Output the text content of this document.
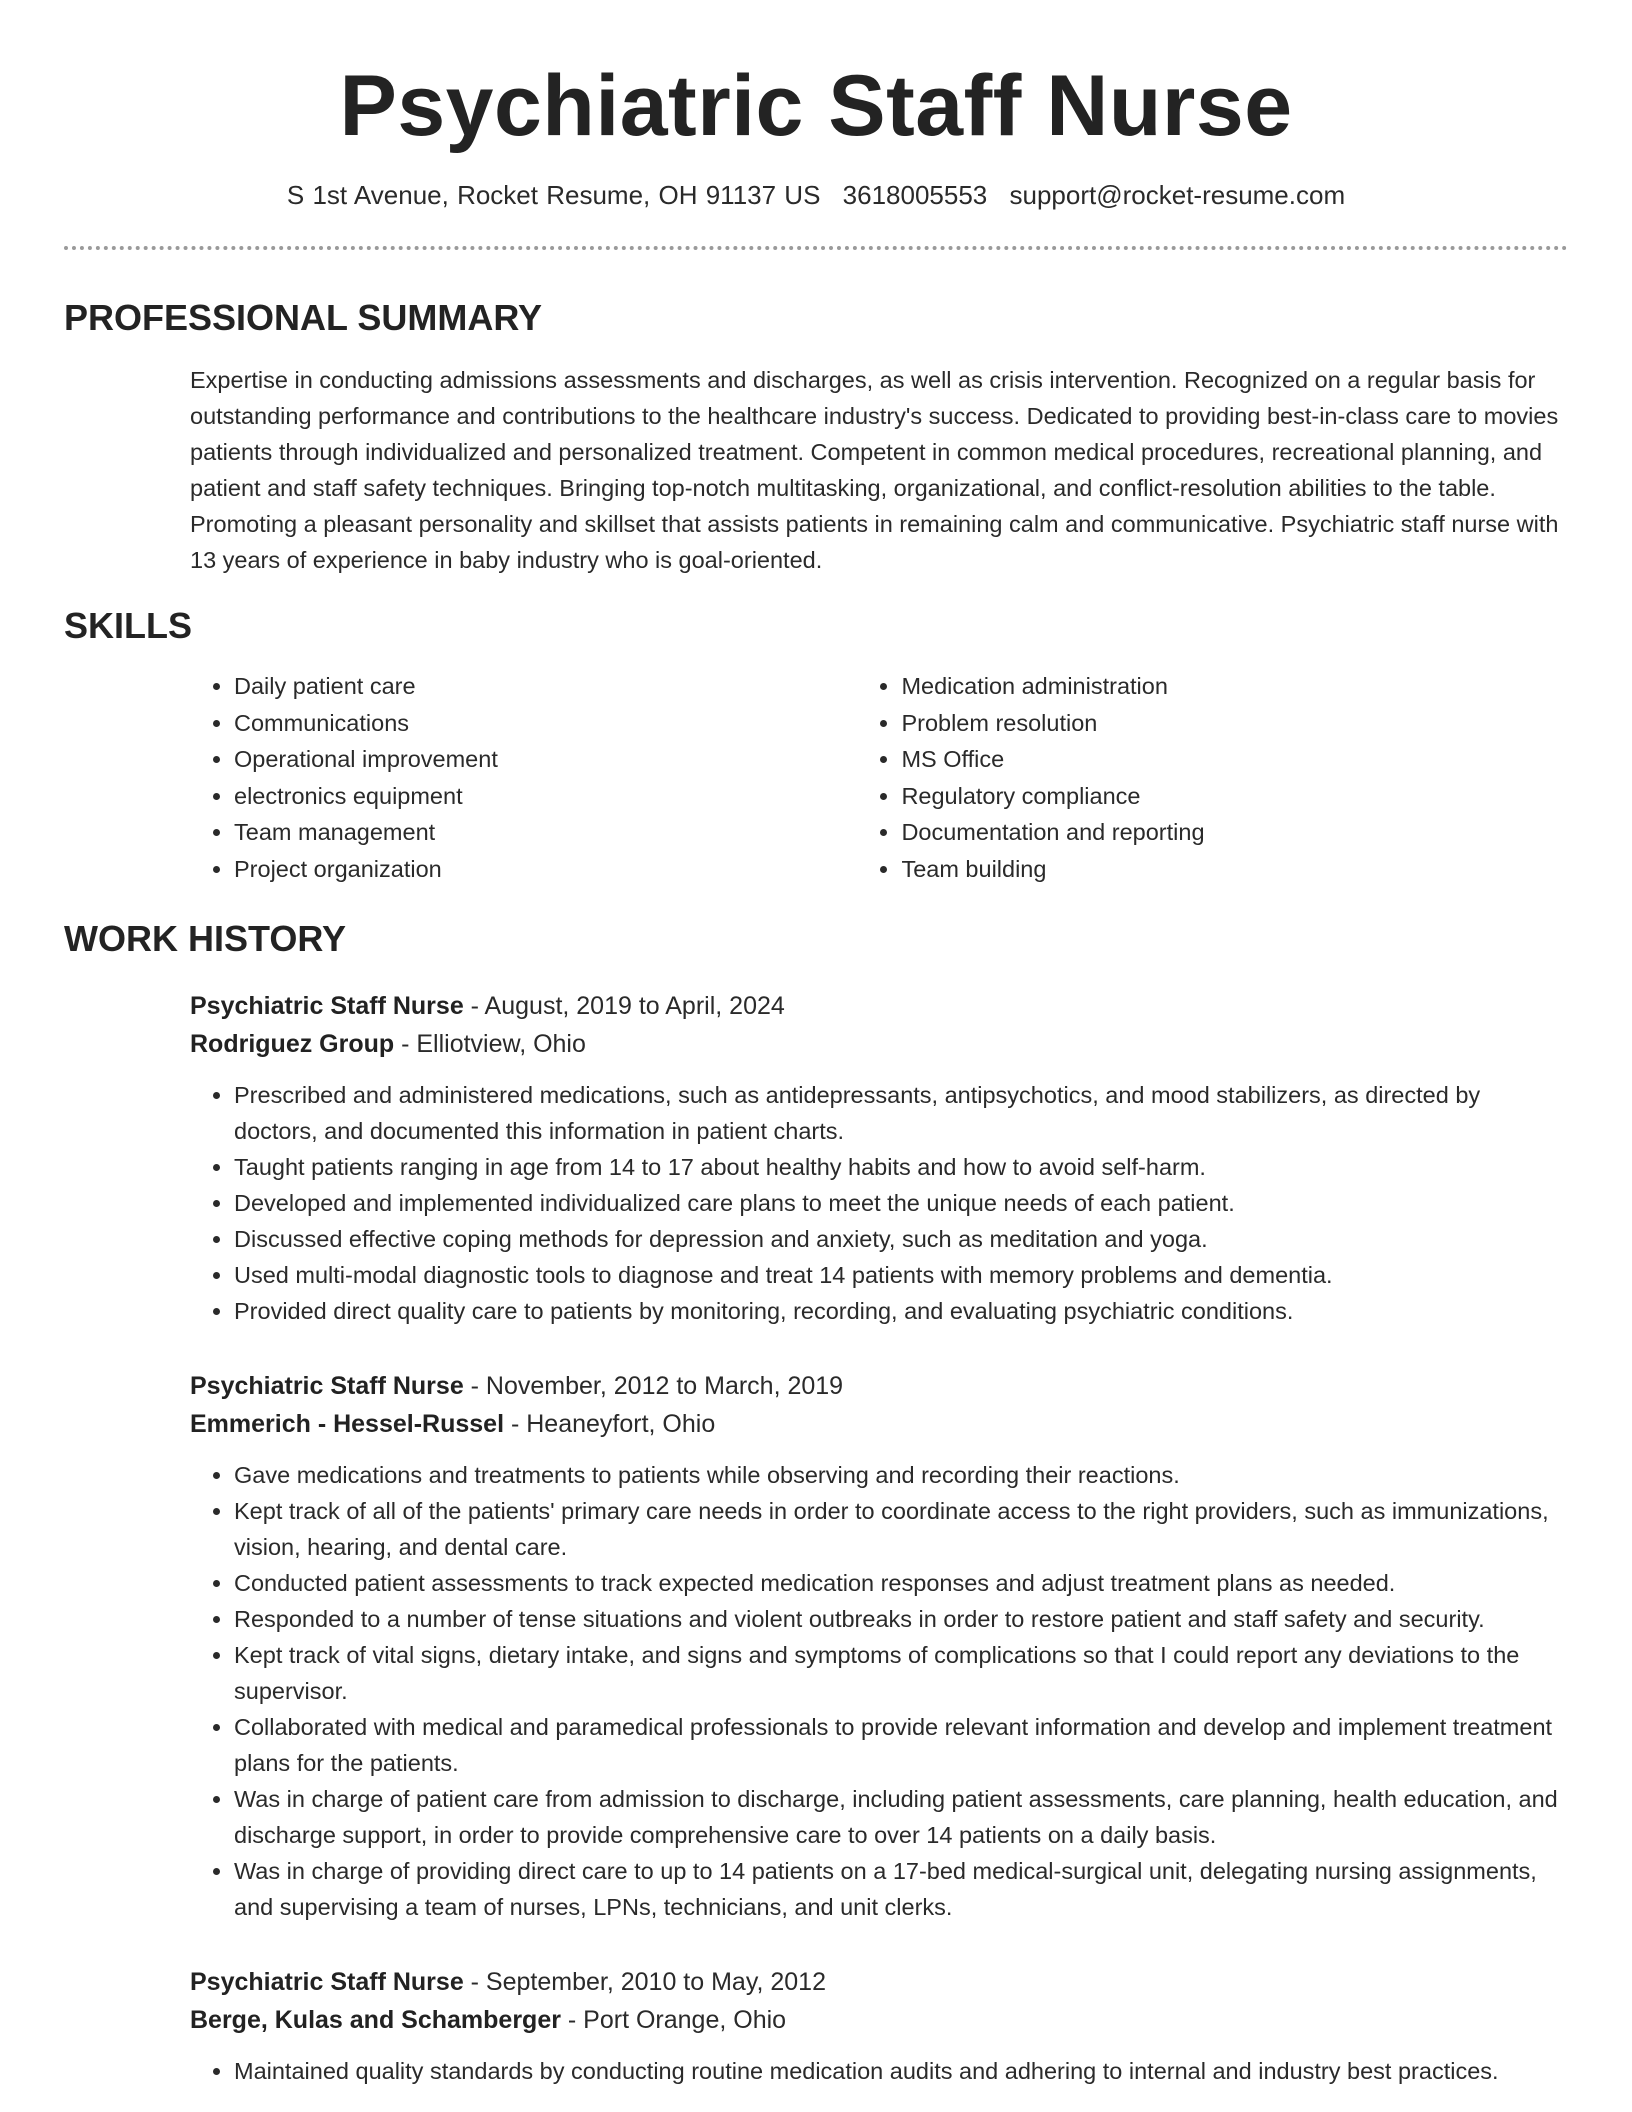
Psychiatric Staff Nurse
S 1st Avenue, Rocket Resume, OH 91137 US 3618005553 support@rocket-resume.com
PROFESSIONAL SUMMARY

Expertise in conducting admissions assessments and discharges, as well as crisis intervention. Recognized on a regular basis for outstanding performance and contributions to the healthcare industry's success. Dedicated to providing best-in-class care to movies patients through individualized and personalized treatment. Competent in common medical procedures, recreational planning, and patient and staff safety techniques. Bringing top-notch multitasking, organizational, and conflict-resolution abilities to the table. Promoting a pleasant personality and skillset that assists patients in remaining calm and communicative. Psychiatric staff nurse with 13 years of experience in baby industry who is goal-oriented.

SKILLS
• Daily patient care
• Communications
• Operational improvement
• electronics equipment
• Team management
• Project organization
• Medication administration
• Problem resolution
• MS Office
• Regulatory compliance
• Documentation and reporting
• Team building
WORK HISTORY
Psychiatric Staff Nurse - August, 2019 to April, 2024
Rodriguez Group - Elliotview, Ohio
• Prescribed and administered medications, such as antidepressants, antipsychotics, and mood stabilizers, as directed by doctors, and documented this information in patient charts.
• Taught patients ranging in age from 14 to 17 about healthy habits and how to avoid self-harm.
• Developed and implemented individualized care plans to meet the unique needs of each patient.
• Discussed effective coping methods for depression and anxiety, such as meditation and yoga.
• Used multi-modal diagnostic tools to diagnose and treat 14 patients with memory problems and dementia.
• Provided direct quality care to patients by monitoring, recording, and evaluating psychiatric conditions.
Psychiatric Staff Nurse - November, 2012 to March, 2019
Emmerich - Hessel-Russel - Heaneyfort, Ohio
• Gave medications and treatments to patients while observing and recording their reactions.
• Kept track of all of the patients' primary care needs in order to coordinate access to the right providers, such as immunizations, vision, hearing, and dental care.
• Conducted patient assessments to track expected medication responses and adjust treatment plans as needed.
• Responded to a number of tense situations and violent outbreaks in order to restore patient and staff safety and security.
• Kept track of vital signs, dietary intake, and signs and symptoms of complications so that I could report any deviations to the supervisor.
• Collaborated with medical and paramedical professionals to provide relevant information and develop and implement treatment plans for the patients.
• Was in charge of patient care from admission to discharge, including patient assessments, care planning, health education, and discharge support, in order to provide comprehensive care to over 14 patients on a daily basis.
• Was in charge of providing direct care to up to 14 patients on a 17-bed medical-surgical unit, delegating nursing assignments, and supervising a team of nurses, LPNs, technicians, and unit clerks.
Psychiatric Staff Nurse - September, 2010 to May, 2012
Berge, Kulas and Schamberger - Port Orange, Ohio
• Maintained quality standards by conducting routine medication audits and adhering to internal and industry best practices.
